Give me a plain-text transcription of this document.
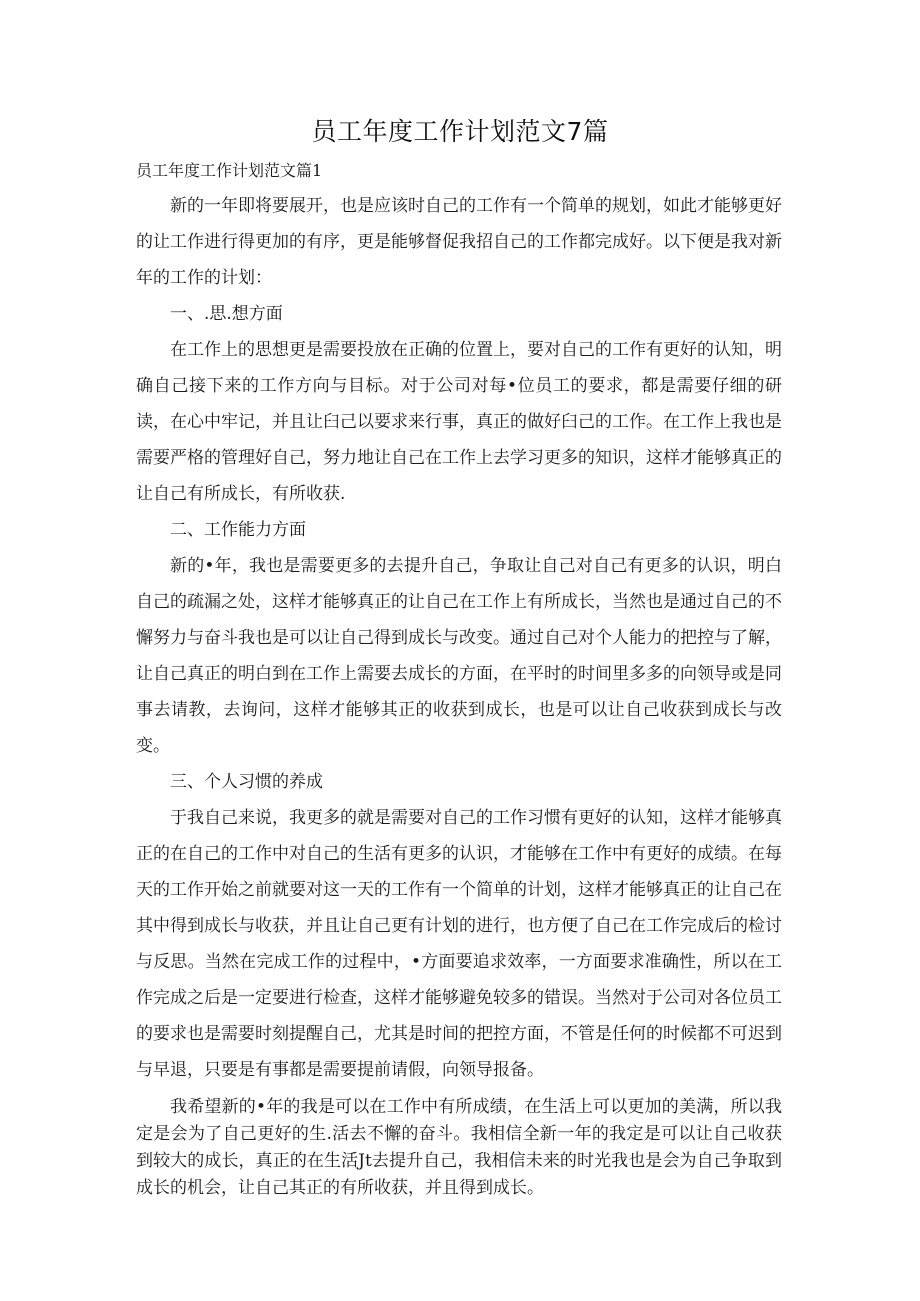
员工年度工作计划范文7篇

员工年度工作计划范文篇1

新的一年即将要展开，也是应该时自己的工作有一个简单的规划，如此才能够更好的让工作进行得更加的有序，更是能够督促我招自己的工作都完成好。以下便是我对新年的工作的计划：

一、.思.想方面

在工作上的思想更是需要投放在正确的位置上，要对自己的工作有更好的认知，明确自己接下来的工作方向与目标。对于公司对每•位员工的要求，都是需要仔细的研读，在心中牢记，并且让臼己以要求来行事，真正的做好臼己的工作。在工作上我也是需要严格的管理好自己，努力地让自己在工作上去学习更多的知识，这样才能够真正的让自己有所成长，有所收获.

二、工作能力方面

新的•年，我也是需要更多的去提升自己，争取让自己对自己有更多的认识，明白自己的疏漏之处，这样才能够真正的让自己在工作上有所成长，当然也是通过自己的不懈努力与奋斗我也是可以让自己得到成长与改变。通过自己对个人能力的把控与了解，让自己真正的明白到在工作上需要去成长的方面，在平时的时间里多多的向领导或是同事去请教，去询问，这样才能够其正的收获到成长，也是可以让自己收获到成长与改变。

三、个人习惯的养成

于我自己来说，我更多的就是需要对自己的工作习惯有更好的认知，这样才能够真正的在自己的工作中对自己的生活有更多的认识，才能够在工作中有更好的成绩。在每天的工作开始之前就要对这一天的工作有一个简单的计划，这样才能够真正的让自己在其中得到成长与收获，并且让自己更有计划的进行，也方便了自己在工作完成后的检讨与反思。当然在完成工作的过程中，•方面要追求效率，一方面要求准确性，所以在工作完成之后是一定要进行检查，这样才能够避免较多的错误。当然对于公司对各位员工的要求也是需要时刻提醒自己，尤其是时间的把控方面，不管是任何的时候都不可迟到与早退，只要是有事都是需要提前请假，向领导报备。

我希望新的•年的我是可以在工作中有所成绩，在生活上可以更加的美满，所以我定是会为了自己更好的生.活去不懈的奋斗。我相信全新一年的我定是可以让自己收获到较大的成长，真正的在生活Jt去提升自己，我相信未来的时光我也是会为自己争取到成长的机会，让自己其正的有所收获，并且得到成长。
